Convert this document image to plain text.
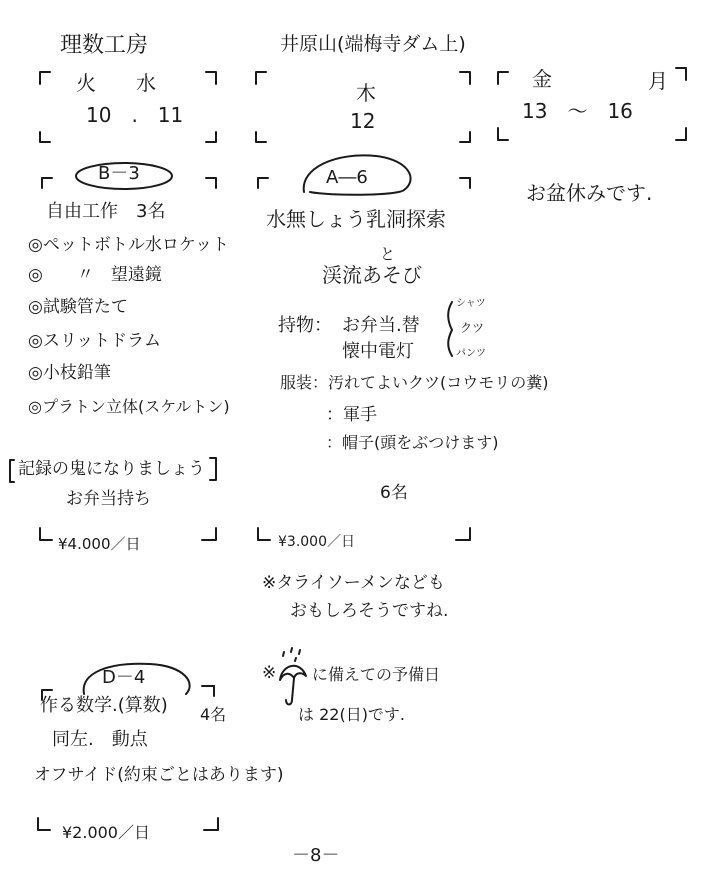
理数工房	井原山(端梅寺ダム上)
火　　水
10　.　11
木
12
金	月
13　〜　16
お盆休みです.
B－3
自由工作　3名
◎ペットボトル水ロケット
◎　　〃　望遠鏡
◎試験管たて
◎スリットドラム
◎小枝鉛筆
◎プラトン立体(スケルトン)
記録の鬼になりましょう
お弁当持ち
¥4.000／日
A―6
水無しょう乳洞探索
と
渓流あそび
持物： お弁当.替
懐中電灯
シャツ
クツ
パンツ
服装：汚れてよいクツ(コウモリの糞)
：軍手
：帽子(頭をぶつけます)
6名
¥3.000／日
※タライソーメンなども
おもしろそうですね.
※ に備えての予備日
は 22(日)です.
D－4
作る数学.(算数) 4名
同左.　動点
オフサイド(約束ごとはあります)
¥2.000／日
－8－
